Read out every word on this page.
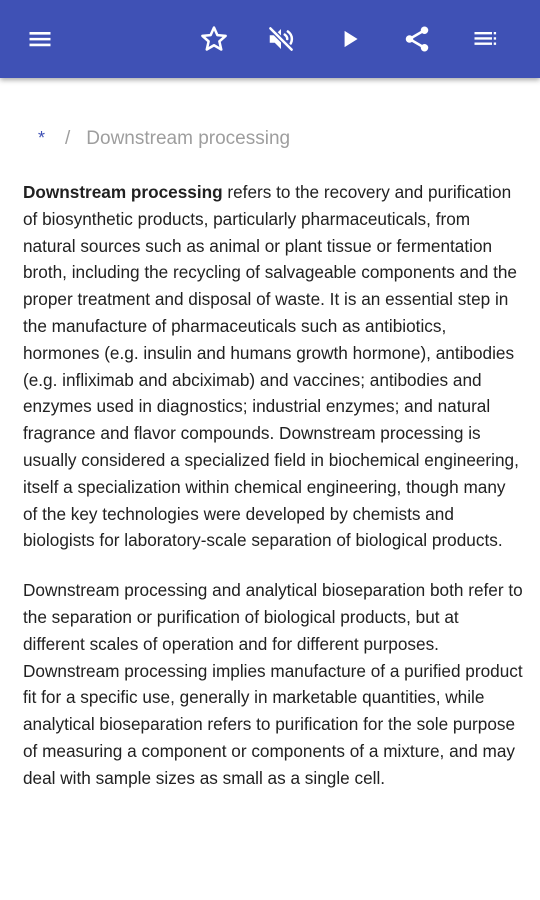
* / Downstream processing

Downstream processing refers to the recovery and purification of biosynthetic products, particularly pharmaceuticals, from natural sources such as animal or plant tissue or fermentation broth, including the recycling of salvageable components and the proper treatment and disposal of waste. It is an essential step in the manufacture of pharmaceuticals such as antibiotics, hormones (e.g. insulin and humans growth hormone), antibodies (e.g. infliximab and abciximab) and vaccines; antibodies and enzymes used in diagnostics; industrial enzymes; and natural fragrance and flavor compounds. Downstream processing is usually considered a specialized field in biochemical engineering, itself a specialization within chemical engineering, though many of the key technologies were developed by chemists and biologists for laboratory-scale separation of biological products.

Downstream processing and analytical bioseparation both refer to the separation or purification of biological products, but at different scales of operation and for different purposes. Downstream processing implies manufacture of a purified product fit for a specific use, generally in marketable quantities, while analytical bioseparation refers to purification for the sole purpose of measuring a component or components of a mixture, and may deal with sample sizes as small as a single cell.
